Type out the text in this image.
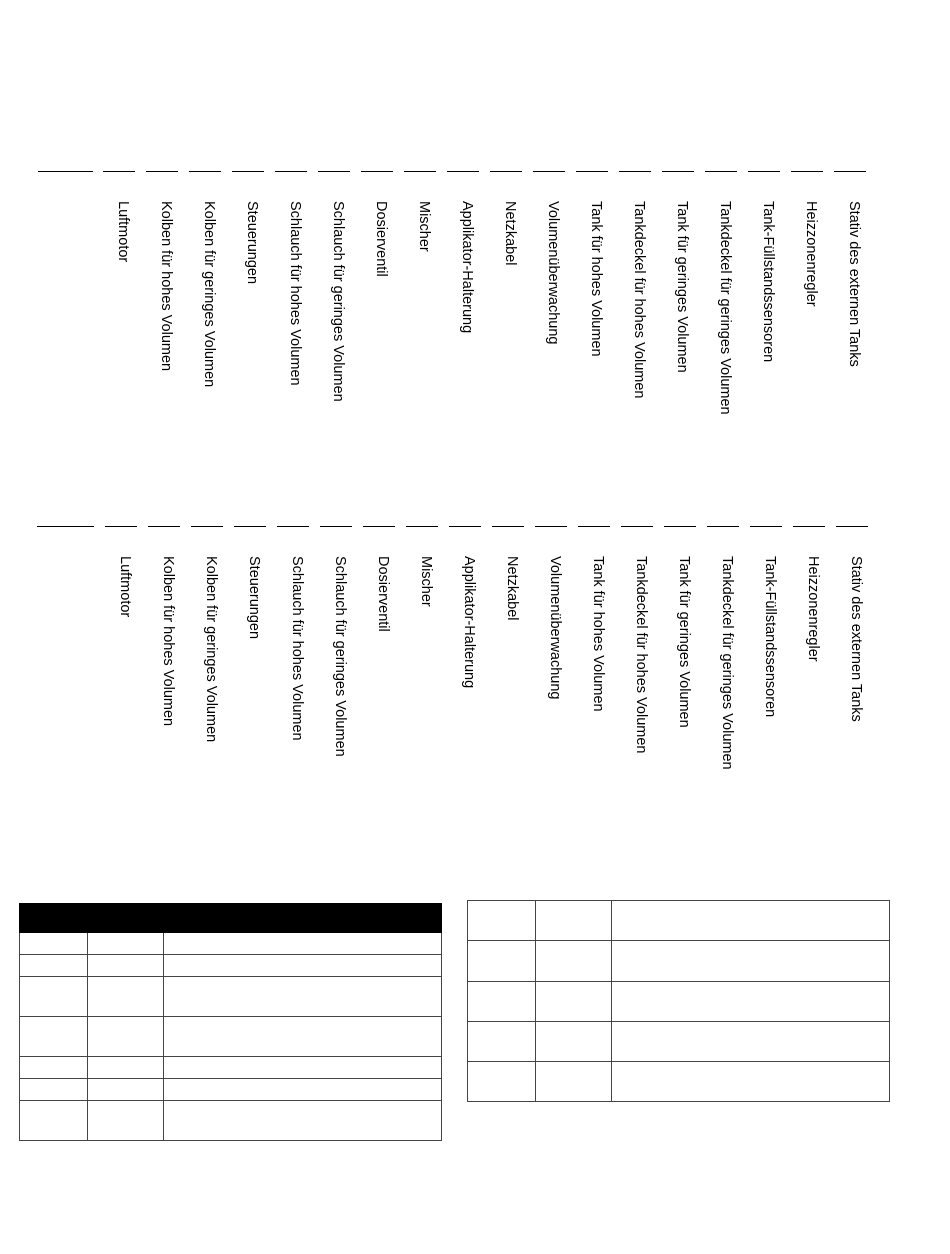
Stativ des externen Tanks
Heizzonenregler
Tank-Füllstandssensoren
Tankdeckel für geringes Volumen
Tank für geringes Volumen
Tankdeckel für hohes Volumen
Tank für hohes Volumen
Volumenüberwachung
Netzkabel
Applikator-Halterung
Mischer
Dosierventil
Schlauch für geringes Volumen
Schlauch für hohes Volumen
Steuerungen
Kolben für geringes Volumen
Kolben für hohes Volumen
Luftmotor
Stativ des externen Tanks
Heizzonenregler
Tank-Füllstandssensoren
Tankdeckel für geringes Volumen
Tank für geringes Volumen
Tankdeckel für hohes Volumen
Tank für hohes Volumen
Volumenüberwachung
Netzkabel
Applikator-Halterung
Mischer
Dosierventil
Schlauch für geringes Volumen
Schlauch für hohes Volumen
Steuerungen
Kolben für geringes Volumen
Kolben für hohes Volumen
Luftmotor
